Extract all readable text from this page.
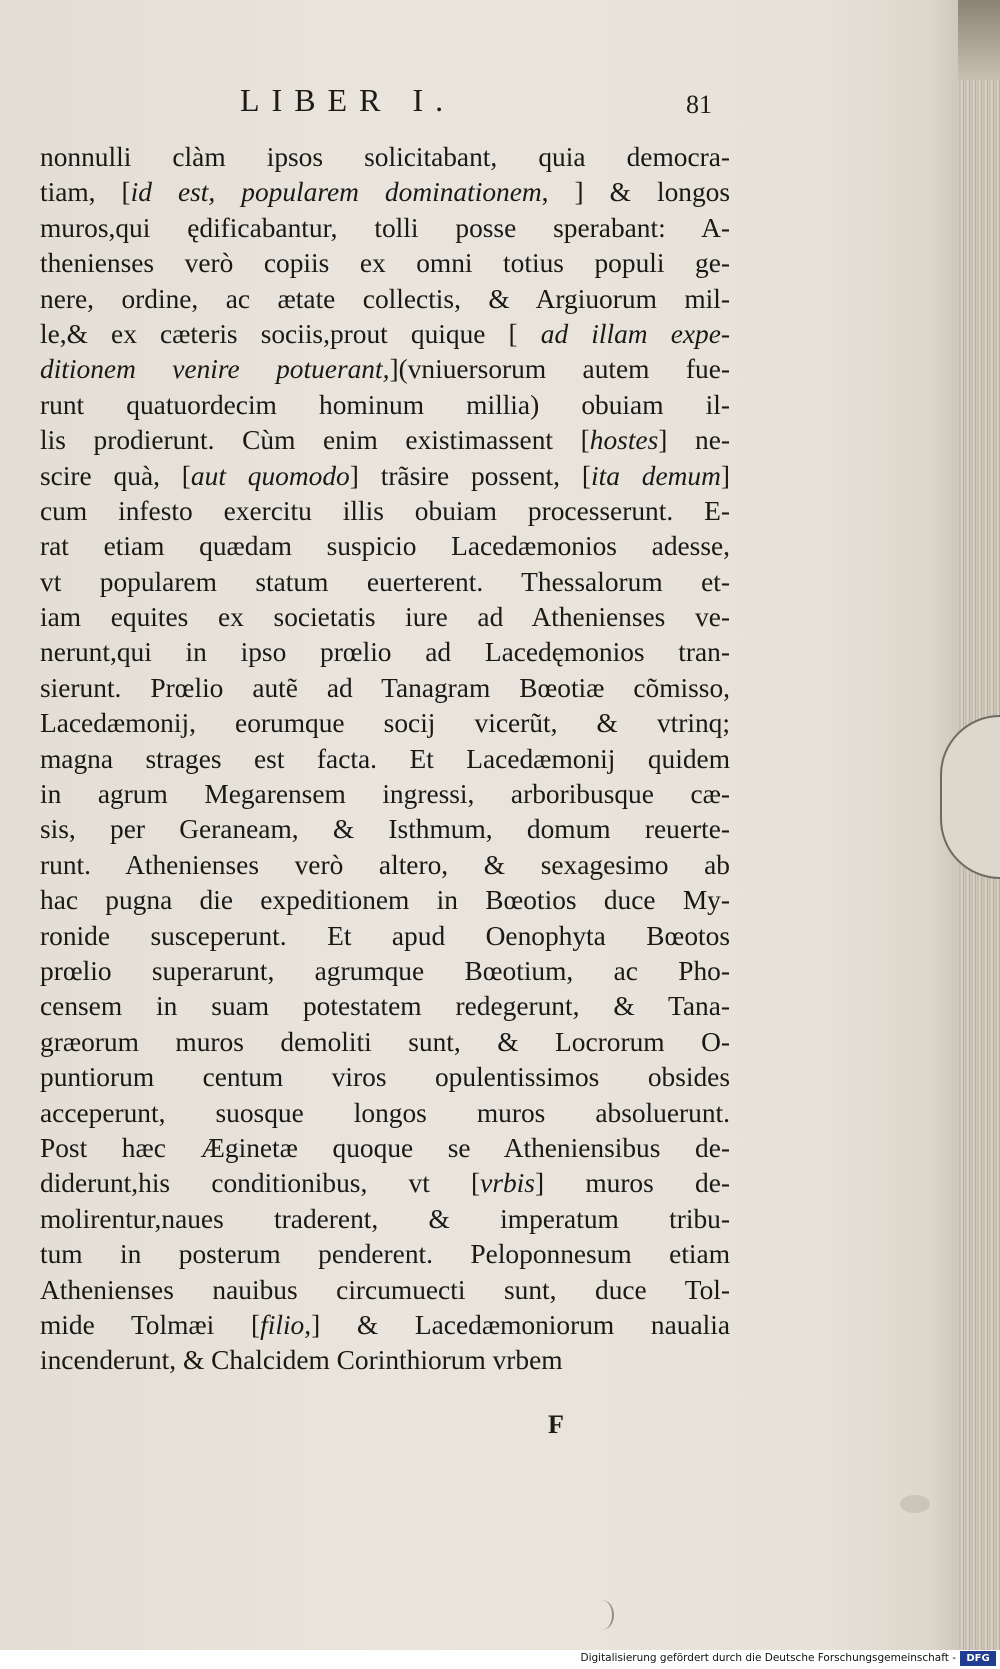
LIBER I.	81
nonnulli clàm ipsos solicitabant, quia democra-
tiam, [id est, popularem dominationem, ] & longos
muros,qui ędificabantur, tolli posse sperabant: A-
thenienses verò copiis ex omni totius populi ge-
nere, ordine, ac ætate collectis, & Argiuorum mil-
le,& ex cæteris sociis,prout quique [ ad illam expe-
ditionem venire potuerant,](vniuersorum autem fue-
runt quatuordecim hominum millia) obuiam il-
lis prodierunt. Cùm enim existimassent [hostes] ne-
scire quà, [aut quomodo] trãsire possent, [ita demum]
cum infesto exercitu illis obuiam processerunt. E-
rat etiam quædam suspicio Lacedæmonios adesse,
vt popularem statum euerterent. Thessalorum et-
iam equites ex societatis iure ad Athenienses ve-
nerunt,qui in ipso prœlio ad Lacedęmonios tran-
sierunt. Prœlio autẽ ad Tanagram Bœotiæ cõmisso,
Lacedæmonij, eorumque socij vicerũt, & vtrinq;
magna strages est facta. Et Lacedæmonij quidem
in agrum Megarensem ingressi, arboribusque cæ-
sis, per Geraneam, & Isthmum, domum reuerte-
runt. Athenienses verò altero, & sexagesimo ab
hac pugna die expeditionem in Bœotios duce My-
ronide susceperunt. Et apud Oenophyta Bœotos
prœlio superarunt, agrumque Bœotium, ac Pho-
censem in suam potestatem redegerunt, & Tana-
græorum muros demoliti sunt, & Locrorum O-
puntiorum centum viros opulentissimos obsides
acceperunt, suosque longos muros absoluerunt.
Post hæc Æginetæ quoque se Atheniensibus de-
diderunt,his conditionibus, vt [vrbis] muros de-
molirentur,naues traderent, & imperatum tribu-
tum in posterum penderent. Peloponnesum etiam
Athenienses nauibus circumuecti sunt, duce Tol-
mide Tolmæi [filio,] & Lacedæmoniorum naualia
incenderunt, & Chalcidem Corinthiorum vrbem
F
Digitalisierung gefördert durch die Deutsche Forschungsgemeinschaft -	DFG
